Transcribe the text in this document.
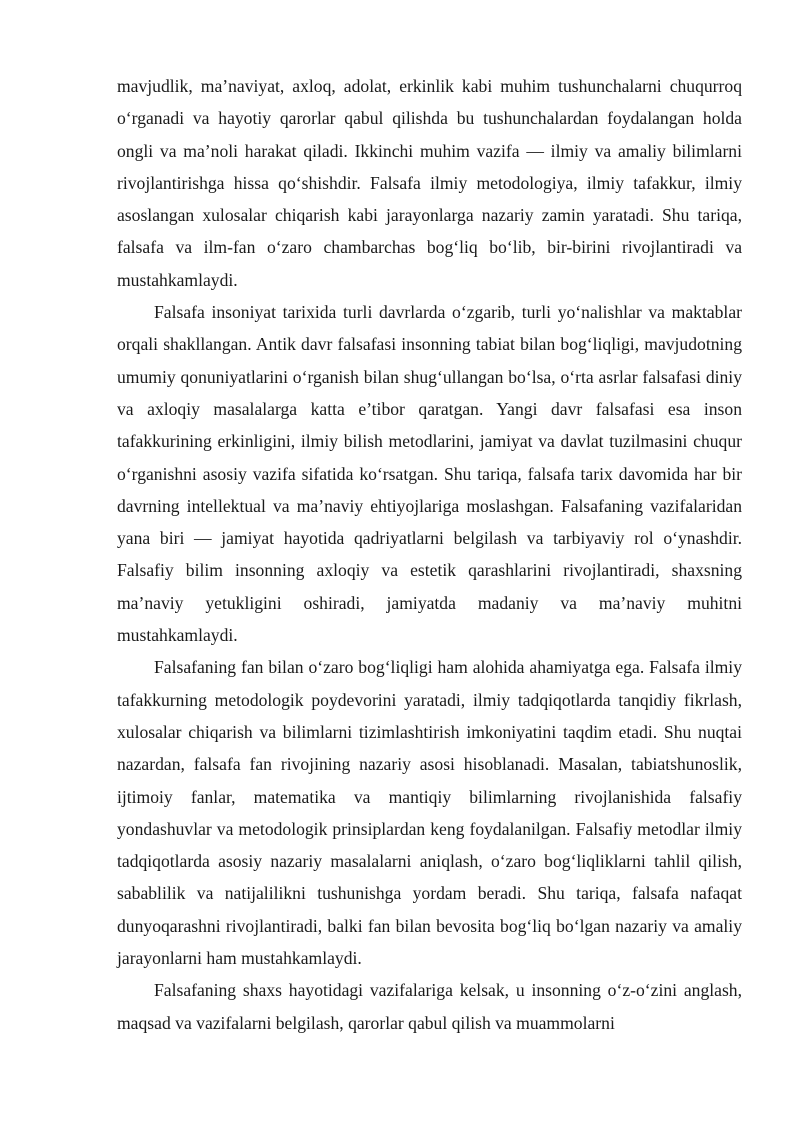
mavjudlik, ma’naviyat, axloq, adolat, erkinlik kabi muhim tushunchalarni chuqurroq o‘rganadi va hayotiy qarorlar qabul qilishda bu tushunchalardan foydalangan holda ongli va ma’noli harakat qiladi. Ikkinchi muhim vazifa — ilmiy va amaliy bilimlarni rivojlantirishga hissa qo‘shishdir. Falsafa ilmiy metodologiya, ilmiy tafakkur, ilmiy asoslangan xulosalar chiqarish kabi jarayonlarga nazariy zamin yaratadi. Shu tariqa, falsafa va ilm-fan o‘zaro chambarchas bog‘liq bo‘lib, bir-birini rivojlantiradi va mustahkamlaydi.

Falsafa insoniyat tarixida turli davrlarda o‘zgarib, turli yo‘nalishlar va maktablar orqali shakllangan. Antik davr falsafasi insonning tabiat bilan bog‘liqligi, mavjudotning umumiy qonuniyatlarini o‘rganish bilan shug‘ullangan bo‘lsa, o‘rta asrlar falsafasi diniy va axloqiy masalalarga katta e’tibor qaratgan. Yangi davr falsafasi esa inson tafakkurining erkinligini, ilmiy bilish metodlarini, jamiyat va davlat tuzilmasini chuqur o‘rganishni asosiy vazifa sifatida ko‘rsatgan. Shu tariqa, falsafa tarix davomida har bir davrning intellektual va ma’naviy ehtiyojlariga moslashgan. Falsafaning vazifalaridan yana biri — jamiyat hayotida qadriyatlarni belgilash va tarbiyaviy rol o‘ynashdir. Falsafiy bilim insonning axloqiy va estetik qarashlarini rivojlantiradi, shaxsning ma’naviy yetukligini oshiradi, jamiyatda madaniy va ma’naviy muhitni mustahkamlaydi.

Falsafaning fan bilan o‘zaro bog‘liqligi ham alohida ahamiyatga ega. Falsafa ilmiy tafakkurning metodologik poydevorini yaratadi, ilmiy tadqiqotlarda tanqidiy fikrlash, xulosalar chiqarish va bilimlarni tizimlashtirish imkoniyatini taqdim etadi. Shu nuqtai nazardan, falsafa fan rivojining nazariy asosi hisoblanadi. Masalan, tabiatshunoslik, ijtimoiy fanlar, matematika va mantiqiy bilimlarning rivojlanishida falsafiy yondashuvlar va metodologik prinsiplardan keng foydalanilgan. Falsafiy metodlar ilmiy tadqiqotlarda asosiy nazariy masalalarni aniqlash, o‘zaro bog‘liqliklarni tahlil qilish, sabablilik va natijalilikni tushunishga yordam beradi. Shu tariqa, falsafa nafaqat dunyoqarashni rivojlantiradi, balki fan bilan bevosita bog‘liq bo‘lgan nazariy va amaliy jarayonlarni ham mustahkamlaydi.

Falsafaning shaxs hayotidagi vazifalariga kelsak, u insonning o‘z-o‘zini anglash, maqsad va vazifalarni belgilash, qarorlar qabul qilish va muammolarni
